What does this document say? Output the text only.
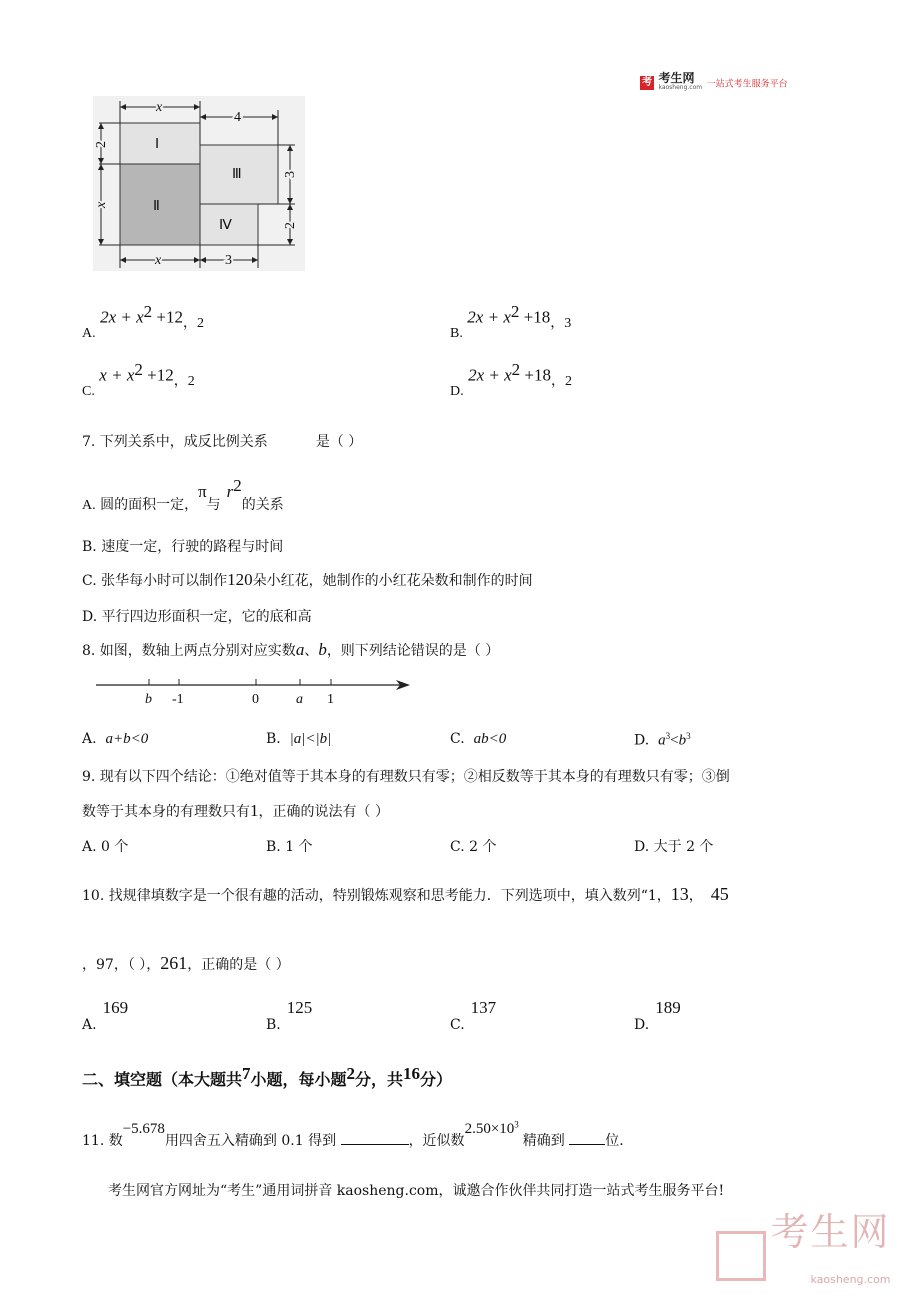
考 考生网
kaosheng.com 一站式考生服务平台
x
4
2
x
3
2
x	3
Ⅰ
Ⅱ
Ⅲ
Ⅳ
A. $2x + x^2 +12$，2
B. $2x + x^2 +18$，3
C. $x + x^2 +12$，2
D. $2x + x^2 +18$，2
7. 下列关系中，成反比例关系	是（ ）
A. 圆的面积一定，π与$r^2$的关系
B. 速度一定，行驶的路程与时间
C. 张华每小时可以制作120朵小红花，她制作的小红花朵数和制作的时间
D. 平行四边形面积一定，它的底和高
8. 如图，数轴上两点分别对应实数a、b，则下列结论错误的是（ ）
b -1	0	a 1
A. a+b<0	B. |a|<|b|	C. ab<0	D. $a^3<b^3$
9. 现有以下四个结论：①绝对值等于其本身的有理数只有零；②相反数等于其本身的有理数只有零；③倒
数等于其本身的有理数只有1，正确的说法有（ ）
A. 0 个	B. 1 个	C. 2 个	D. 大于 2 个
10. 找规律填数字是一个很有趣的活动，特别锻炼观察和思考能力．下列选项中，填入数列“1，13， 45
，97，（ ），261，正确的是（ ）
A.169
B.125
C.137
D.189
二、填空题（本大题共7小题，每小题2分，共16分）
11. 数−5.678用四舍五入精确到 0.1 得到	，近似数$2.50\times 10^3$精确到	位.
考生网官方网址为“考生”通用词拼音 kaosheng.com，诚邀合作伙伴共同打造一站式考生服务平台!
考生网
kaosheng.com
